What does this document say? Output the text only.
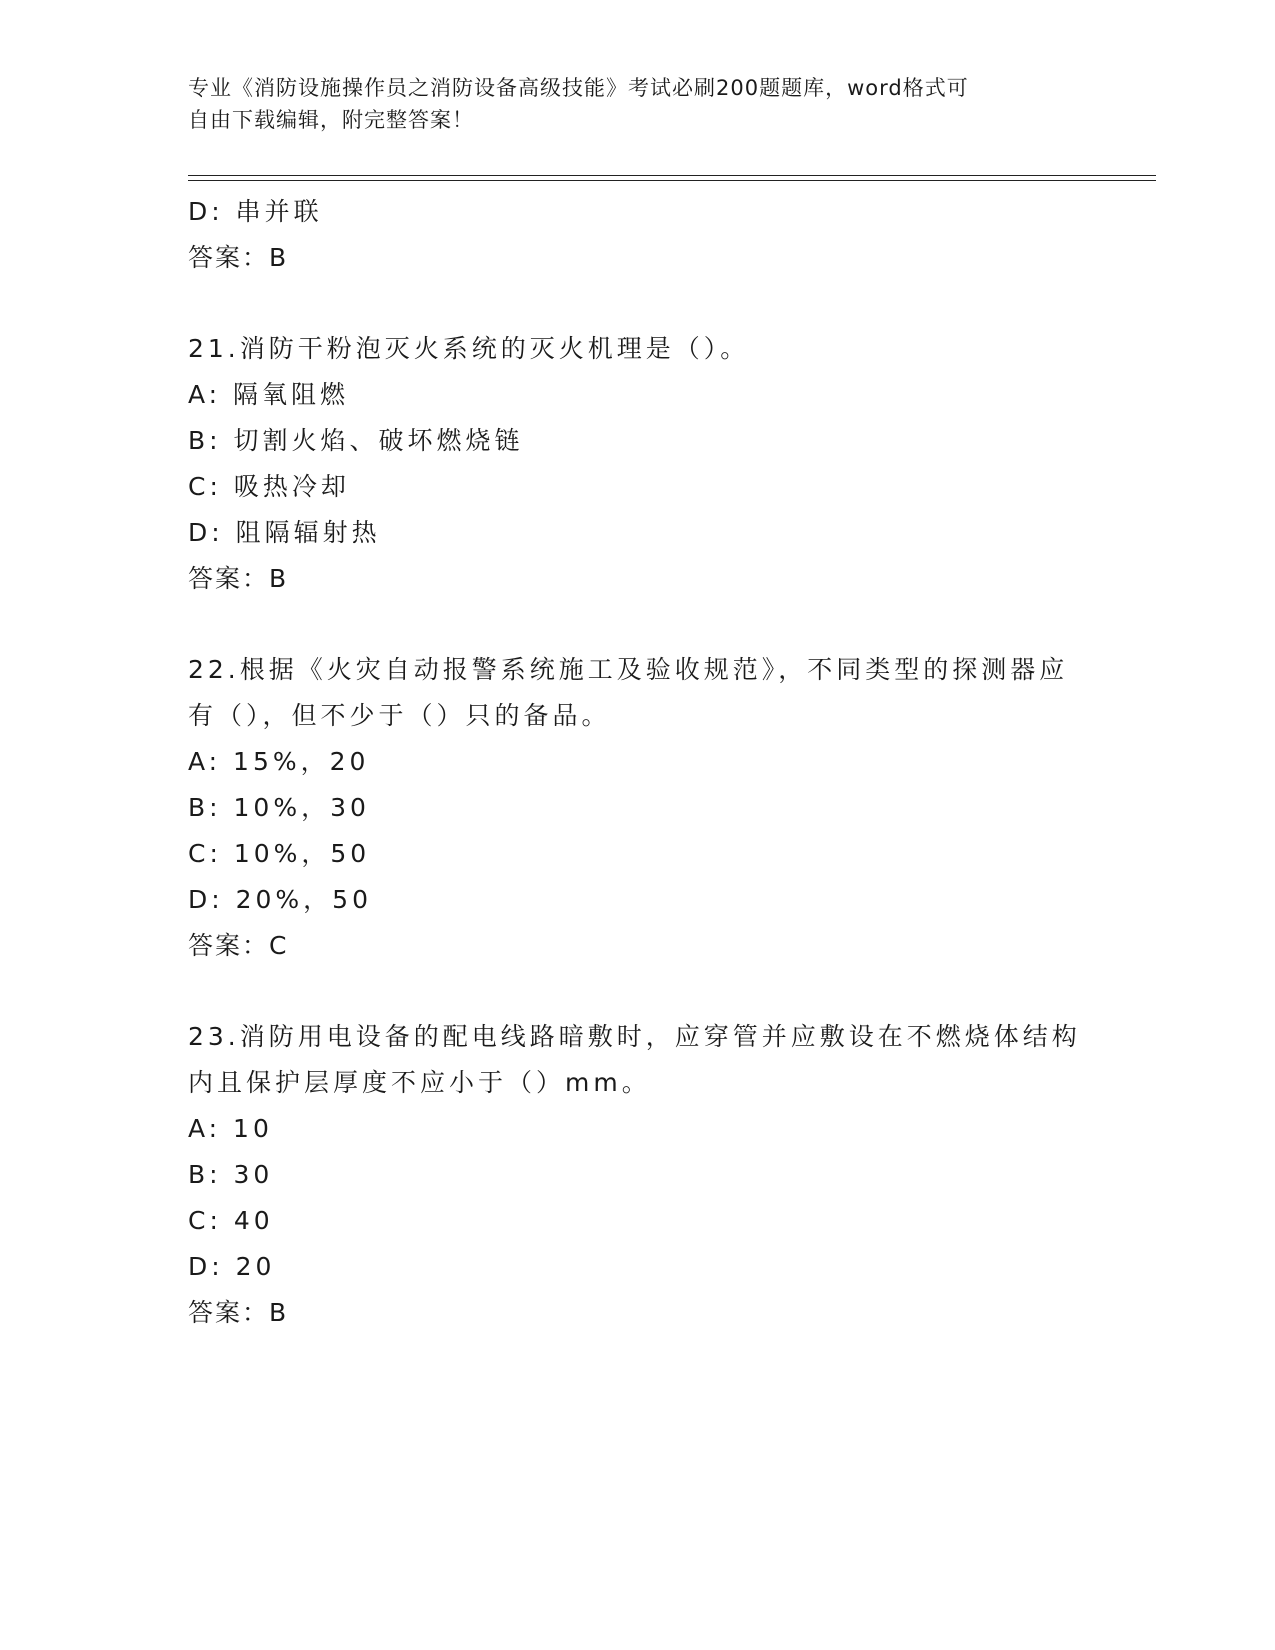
专业《消防设施操作员之消防设备高级技能》考试必刷200题题库，word格式可
自由下载编辑，附完整答案！
D: 串并联
答案：B
21.消防干粉泡灭火系统的灭火机理是（）。
A: 隔氧阻燃
B: 切割火焰、破坏燃烧链
C: 吸热冷却
D: 阻隔辐射热
答案：B
22.根据《火灾自动报警系统施工及验收规范》，不同类型的探测器应
有（），但不少于（）只的备品。
A: 15%，20
B: 10%，30
C: 10%，50
D: 20%，50
答案：C
23.消防用电设备的配电线路暗敷时，应穿管并应敷设在不燃烧体结构
内且保护层厚度不应小于（）mm。
A: 10
B: 30
C: 40
D: 20
答案：B
